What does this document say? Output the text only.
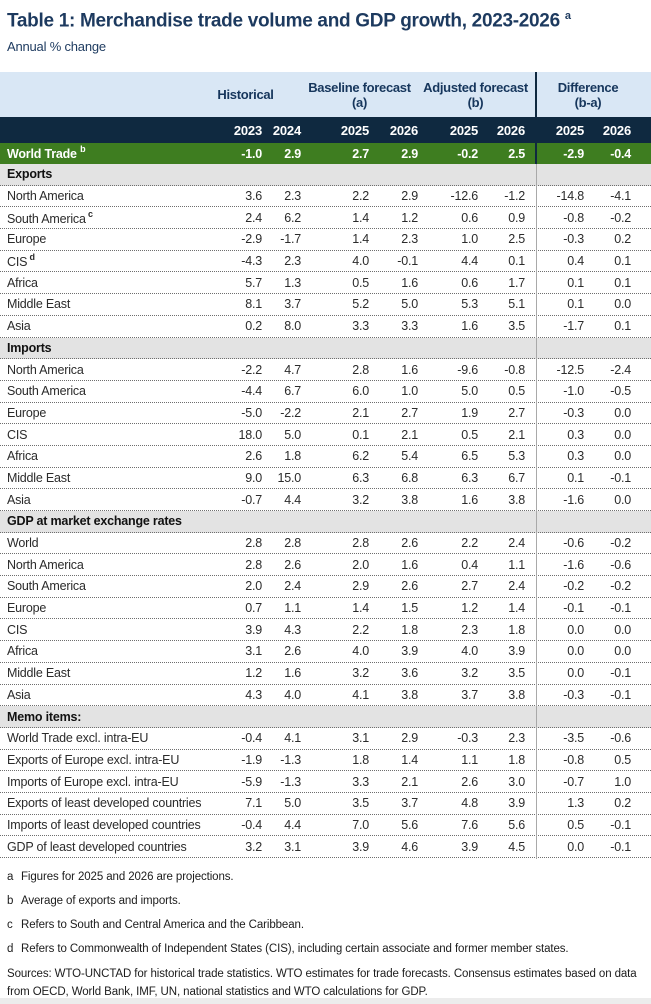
Table 1: Merchandise trade volume and GDP growth, 2023-2026 $^a$
Annual % change
Historical	Baseline forecast
(a)
Adjusted forecast
(b)
Difference
(b-a)
2023 2024	2025	2026	2025	2026	2025	2026
World Trade $^b$	-1.0	2.9	2.7	2.9	-0.2	2.5	-2.9	-0.4
Exports
North America	3.6	2.3	2.2	2.9	-12.6	-1.2	-14.8	-4.1
South America $^c$	2.4	6.2	1.4	1.2	0.6	0.9	-0.8	-0.2
Europe	-2.9	-1.7	1.4	2.3	1.0	2.5	-0.3	0.2
CIS $^d$	-4.3	2.3	4.0	-0.1	4.4	0.1	0.4	0.1
Africa	5.7	1.3	0.5	1.6	0.6	1.7	0.1	0.1
Middle East	8.1	3.7	5.2	5.0	5.3	5.1	0.1	0.0
Asia	0.2	8.0	3.3	3.3	1.6	3.5	-1.7	0.1
Imports
North America	-2.2	4.7	2.8	1.6	-9.6	-0.8	-12.5	-2.4
South America	-4.4	6.7	6.0	1.0	5.0	0.5	-1.0	-0.5
Europe	-5.0	-2.2	2.1	2.7	1.9	2.7	-0.3	0.0
CIS	18.0	5.0	0.1	2.1	0.5	2.1	0.3	0.0
Africa	2.6	1.8	6.2	5.4	6.5	5.3	0.3	0.0
Middle East	9.0	15.0	6.3	6.8	6.3	6.7	0.1	-0.1
Asia	-0.7	4.4	3.2	3.8	1.6	3.8	-1.6	0.0
GDP at market exchange rates
World	2.8	2.8	2.8	2.6	2.2	2.4	-0.6	-0.2
North America	2.8	2.6	2.0	1.6	0.4	1.1	-1.6	-0.6
South America	2.0	2.4	2.9	2.6	2.7	2.4	-0.2	-0.2
Europe	0.7	1.1	1.4	1.5	1.2	1.4	-0.1	-0.1
CIS	3.9	4.3	2.2	1.8	2.3	1.8	0.0	0.0
Africa	3.1	2.6	4.0	3.9	4.0	3.9	0.0	0.0
Middle East	1.2	1.6	3.2	3.6	3.2	3.5	0.0	-0.1
Asia	4.3	4.0	4.1	3.8	3.7	3.8	-0.3	-0.1
Memo items:
World Trade excl. intra-EU	-0.4	4.1	3.1	2.9	-0.3	2.3	-3.5	-0.6
Exports of Europe excl. intra-EU	-1.9	-1.3	1.8	1.4	1.1	1.8	-0.8	0.5
Imports of Europe excl. intra-EU	-5.9	-1.3	3.3	2.1	2.6	3.0	-0.7	1.0
Exports of least developed countries	7.1	5.0	3.5	3.7	4.8	3.9	1.3	0.2
Imports of least developed countries	-0.4	4.4	7.0	5.6	7.6	5.6	0.5	-0.1
GDP of least developed countries	3.2	3.1	3.9	4.6	3.9	4.5	0.0	-0.1
a Figures for 2025 and 2026 are projections.
b Average of exports and imports.
c Refers to South and Central America and the Caribbean.
d Refers to Commonwealth of Independent States (CIS), including certain associate and former member states.
Sources: WTO-UNCTAD for historical trade statistics. WTO estimates for trade forecasts. Consensus estimates based on data from OECD, World Bank, IMF, UN, national statistics and WTO calculations for GDP.
